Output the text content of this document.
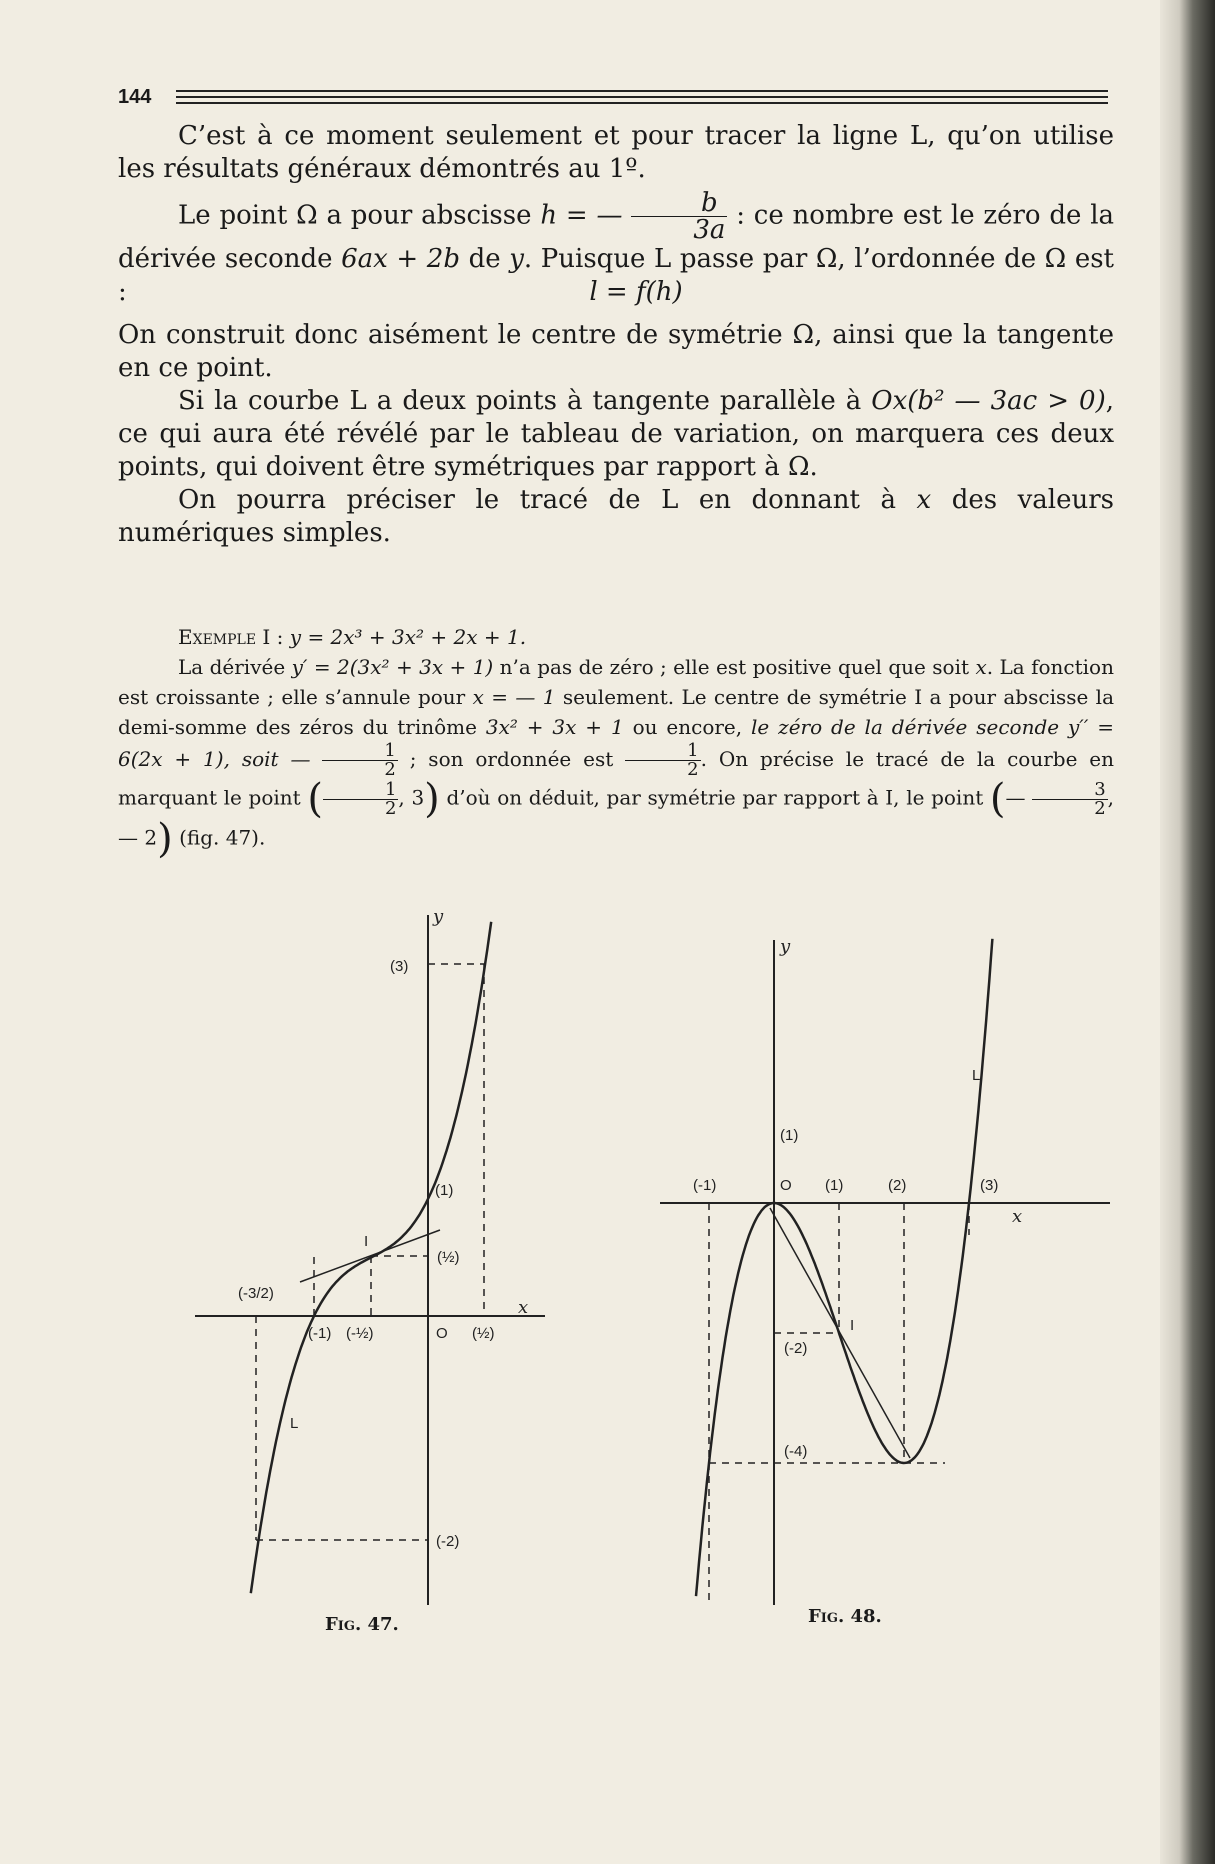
144

C’est à ce moment seulement et pour tracer la ligne L, qu’on utilise les résultats généraux démontrés au 1º.

Le point Ω a pour abscisse h = — $\frac{b}{3a}$ : ce nombre est le zéro de la dérivée seconde 6ax + 2b de y. Puisque L passe par Ω, l’ordonnée de Ω est :	l = f(h)

On construit donc aisément le centre de symétrie Ω, ainsi que la tangente en ce point.

Si la courbe L a deux points à tangente parallèle à Ox(b² — 3ac > 0), ce qui aura été révélé par le tableau de variation, on marquera ces deux points, qui doivent être symétriques par rapport à Ω.

On pourra préciser le tracé de L en donnant à x des valeurs numériques simples.

Exemple I : y = 2x³ + 3x² + 2x + 1.

La dérivée y′ = 2(3x² + 3x + 1) n’a pas de zéro ; elle est positive quel que soit x. La fonction est croissante ; elle s’annule pour x = — 1 seulement. Le centre de symétrie I a pour abscisse la demi-somme des zéros du trinôme 3x² + 3x + 1 ou encore, le zéro de la dérivée seconde y′′ = 6(2x + 1), soit — $\frac{1}{2}$ ; son ordonnée est $\frac{1}{2}$ . On précise le tracé de la courbe en marquant le point ( $\frac{1}{2}$ , 3) d’où on déduit, par symétrie par rapport à I, le point (— $\frac{3}{2}$ , — 2) (fig. 47).

y
x
(3)
(1)
(½)
(-3/2)
(-1) (-½)	O (½)
(-2)
I
L
y
x
(1)
(-1)	O (1)	(2)	(3)
(-2)
(-4)
I
L
Fig. 47.	Fig. 48.
